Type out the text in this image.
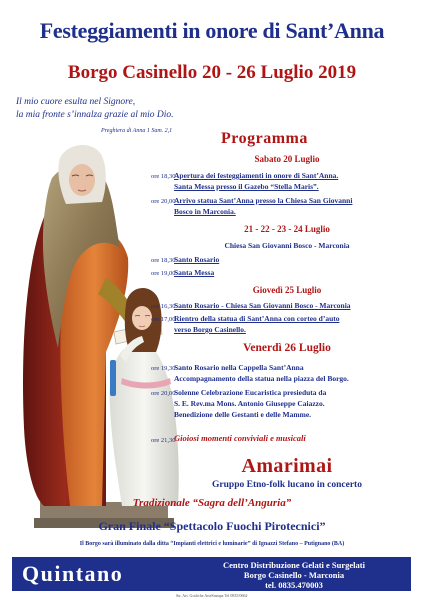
Festeggiamenti in onore di Sant’Anna
Borgo Casinello 20 - 26 Luglio 2019
Il mio cuore esulta nel Signore,
la mia fronte s’innalza grazie al mio Dio.
Preghiera di Anna 1 Sam. 2,1	Programma
Sabato 20 Luglio
ore 18,30
Apertura dei festeggiamenti in onore di Sant’Anna.
Santa Messa presso il Gazebo “Stella Maris”.
ore 20,00
Arrivo statua Sant’Anna presso la Chiesa San Giovanni
Bosco in Marconia.
21 - 22 - 23 - 24 Luglio
Chiesa San Giovanni Bosco - Marconia
ore 18,30
Santo Rosario
ore 19,00
Santa Messa
Giovedì 25 Luglio
ore 16,30
Santo Rosario - Chiesa San Giovanni Bosco - Marconia
ore 17,00
Rientro della statua di Sant’Anna con corteo d’auto
verso Borgo Casinello.
Venerdì 26 Luglio
ore 19,30
Santo Rosario nella Cappella Sant’Anna
Accompagnamento della statua nella piazza del Borgo.
ore 20,00
Solenne Celebrazione Eucaristica presieduta da
S. E. Rev.ma Mons. Antonio Giuseppe Caiazzo.
Benedizione delle Gestanti e delle Mamme.
ore 21,30
Gioiosi momenti conviviali e musicali
Amarimai
Gruppo Etno-folk lucano in concerto
Tradizionale “Sagra dell’Anguria”
Gran Finale “Spettacolo Fuochi Pirotecnici”
Il Borgo sarà illuminato dalla ditta “Impianti elettrici e luminarie” di Ignazzi Stefano – Putignano (BA)
Quintano	Centro Distribuzione Gelati e Surgelati
Borgo Casinello - Marconia
tel. 0835.470003
Str. Art. Grafiche ArteStampa Tel 0835/0662
